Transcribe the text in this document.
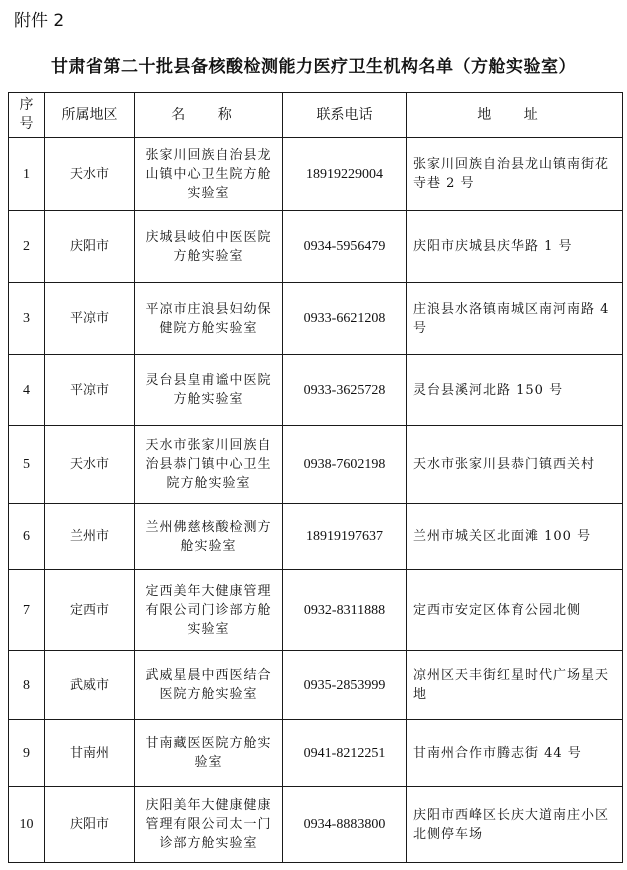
附件 2
甘肃省第二十批县备核酸检测能力医疗卫生机构名单（方舱实验室）
序号	所属地区	名 称	联系电话	地 址
1	天水市	张家川回族自治县龙山镇中心卫生院方舱实验室	18919229004	张家川回族自治县龙山镇南街花寺巷 2 号
2	庆阳市	庆城县岐伯中医医院方舱实验室	0934-5956479	庆阳市庆城县庆华路 1 号
3	平凉市	平凉市庄浪县妇幼保健院方舱实验室	0933-6621208	庄浪县水洛镇南城区南河南路 4 号
4	平凉市	灵台县皇甫谧中医院方舱实验室	0933-3625728	灵台县溪河北路 150 号
5	天水市	天水市张家川回族自治县恭门镇中心卫生院方舱实验室	0938-7602198	天水市张家川县恭门镇西关村
6	兰州市	兰州佛慈核酸检测方舱实验室	18919197637	兰州市城关区北面滩 100 号
7	定西市	定西美年大健康管理有限公司门诊部方舱实验室	0932-8311888	定西市安定区体育公园北侧
8	武威市	武威星晨中西医结合医院方舱实验室	0935-2853999	凉州区天丰街红星时代广场星天地
9	甘南州	甘南藏医医院方舱实验室	0941-8212251	甘南州合作市腾志街 44 号
10	庆阳市	庆阳美年大健康健康管理有限公司太一门诊部方舱实验室	0934-8883800	庆阳市西峰区长庆大道南庄小区北侧停车场
